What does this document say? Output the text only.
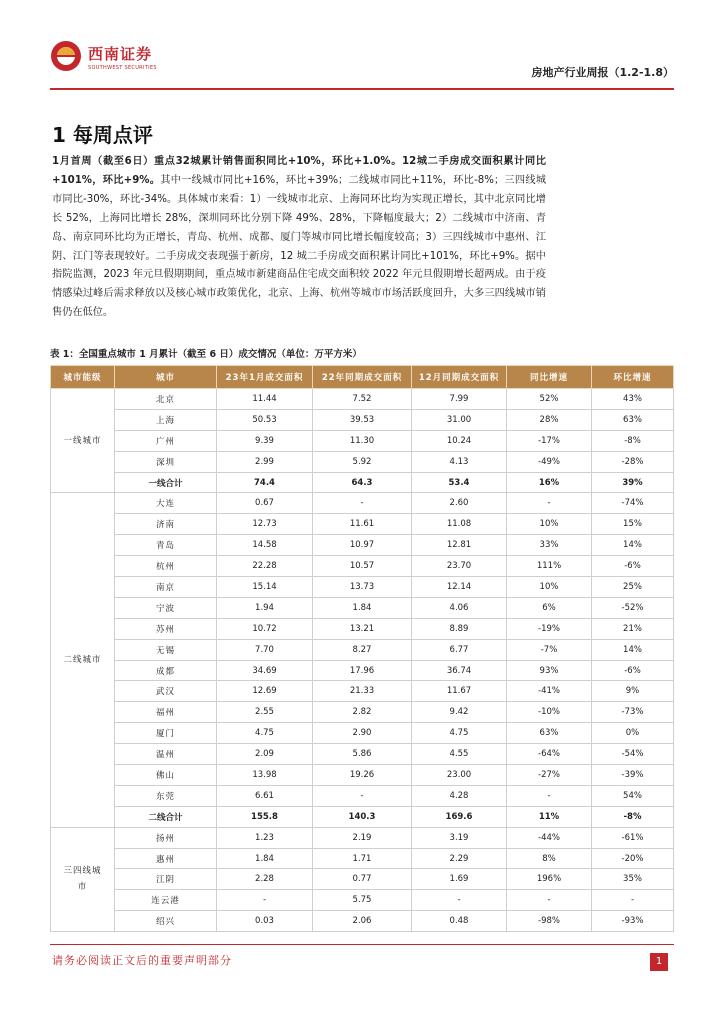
西南证券
SOUTHWEST SECURITIES	房地产行业周报（1.2-1.8）
1 每周点评
1月首周（截至6日）重点32城累计销售面积同比+10%，环比+1.0%。12城二手房成交面积累计同比+101%，环比+9%。其中一线城市同比+16%，环比+39%；二线城市同比+11%，环比-8%；三四线城市同比-30%，环比-34%。具体城市来看：1）一线城市北京、上海同环比均为实现正增长，其中北京同比增长 52%，上海同比增长 28%，深圳同环比分别下降 49%、28%，下降幅度最大；2）二线城市中济南、青岛、南京同环比均为正增长，青岛、杭州、成都、厦门等城市同比增长幅度较高；3）三四线城市中惠州、江阴、江门等表现较好。二手房成交表现强于新房，12 城二手房成交面积累计同比+101%，环比+9%。据中指院监测，2023 年元旦假期期间，重点城市新建商品住宅成交面积较 2022 年元旦假期增长超两成。由于疫情感染过峰后需求释放以及核心城市政策优化，北京、上海、杭州等城市市场活跃度回升，大多三四线城市销售仍在低位。
表 1：全国重点城市 1 月累计（截至 6 日）成交情况（单位：万平方米）
城市能级	城市	23年1月成交面积	22年同期成交面积	12月同期成交面积	同比增速	环比增速
一线城市	北京	11.44	7.52	7.99	52%	43%
	上海	50.53	39.53	31.00	28%	63%
	广州	9.39	11.30	10.24	-17%	-8%
	深圳	2.99	5.92	4.13	-49%	-28%
	一线合计	74.4	64.3	53.4	16%	39%
二线城市	大连	0.67	-	2.60	-	-74%
	济南	12.73	11.61	11.08	10%	15%
	青岛	14.58	10.97	12.81	33%	14%
	杭州	22.28	10.57	23.70	111%	-6%
	南京	15.14	13.73	12.14	10%	25%
	宁波	1.94	1.84	4.06	6%	-52%
	苏州	10.72	13.21	8.89	-19%	21%
	无锡	7.70	8.27	6.77	-7%	14%
	成都	34.69	17.96	36.74	93%	-6%
	武汉	12.69	21.33	11.67	-41%	9%
	福州	2.55	2.82	9.42	-10%	-73%
	厦门	4.75	2.90	4.75	63%	0%
	温州	2.09	5.86	4.55	-64%	-54%
	佛山	13.98	19.26	23.00	-27%	-39%
	东莞	6.61	-	4.28	-	54%
	二线合计	155.8	140.3	169.6	11%	-8%
三四线城市	扬州	1.23	2.19	3.19	-44%	-61%
	惠州	1.84	1.71	2.29	8%	-20%
	江阴	2.28	0.77	1.69	196%	35%
	连云港	-	5.75	-	-	-
	绍兴	0.03	2.06	0.48	-98%	-93%
请务必阅读正文后的重要声明部分	1
